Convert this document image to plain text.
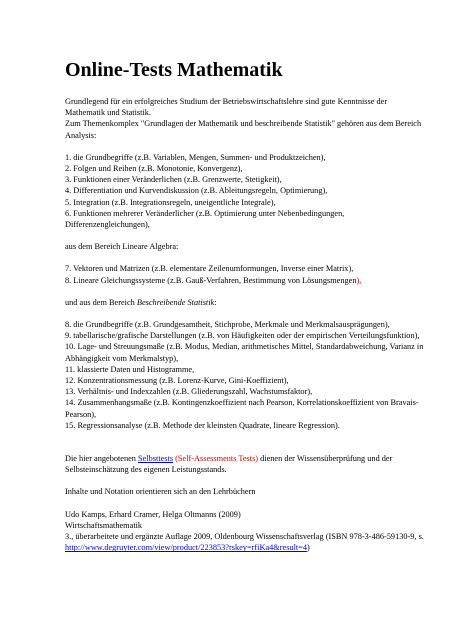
Online-Tests Mathematik

Grundlegend für ein erfolgreiches Studium der Betriebswirtschaftslehre sind gute Kenntnisse der Mathematik und Statistik.

Zum Themenkomplex "Grundlagen der Mathematik und beschreibende Statistik" gehören aus dem Bereich Analysis:

1. die Grundbegriffe (z.B. Variablen, Mengen, Summen- und Produktzeichen),

2. Folgen und Reihen (z.B. Monotonie, Konvergenz),

3. Funktionen einer Veränderlichen (z.B. Grenzwerte, Stetigkeit),

4. Differentiation und Kurvendiskussion (z.B. Ableitungsregeln, Optimierung),

5. Integration (z.B. Integrationsregeln, uneigentliche Integrale),

6. Funktionen mehrerer Veränderlicher (z.B. Optimierung unter Nebenbedingungen, Differenzengleichungen),

aus dem Bereich Lineare Algebra:

7. Vektoren und Matrizen (z.B. elementare Zeilenumformungen, Inverse einer Matrix),

8. Lineare Gleichungssysteme (z.B. Gauß-Verfahren, Bestimmung von Lösungsmengen),

und aus dem Bereich Beschreibende Statistik:

8. die Grundbegriffe (z.B. Grundgesamtheit, Stichprobe, Merkmale und Merkmalsausprägungen),

9. tabellarische/grafische Darstellungen (z.B. von Häufigkeiten oder der empirischen Verteilungsfunktion),

10. Lage- und Streuungsmaße (z.B. Modus, Median, arithmetisches Mittel, Standardabweichung, Varianz in Abhängigkeit vom Merkmalstyp),

11. klassierte Daten und Histogramme,

12. Konzentrationsmessung (z.B. Lorenz-Kurve, Gini-Koeffizient),

13. Verhältnis- und Indexzahlen (z.B. Gliederungszahl, Wachstumsfaktor),

14. Zusammenhangsmaße (z.B. Kontingenzkoeffizient nach Pearson, Korrelationskoeffizient von Bravais-Pearson),

15. Regressionsanalyse (z.B. Methode der kleinsten Quadrate, lineare Regression).

Die hier angebotenen Selbsttests (Self-Assessments Tests) dienen der Wissensüberprüfung und der Selbsteinschätzung des eigenen Leistungsstands.

Inhalte und Notation orientieren sich an den Lehrbüchern

Udo Kamps, Erhard Cramer, Helga Oltmanns (2009)

Wirtschaftsmathematik

3., überarbeitete und ergänzte Auflage 2009, Oldenbourg Wissenschaftsverlag (ISBN 978-3-486-59130-9, s.

http://www.degruyter.com/view/product/223853?rskey=rfiKa4&result=4)
